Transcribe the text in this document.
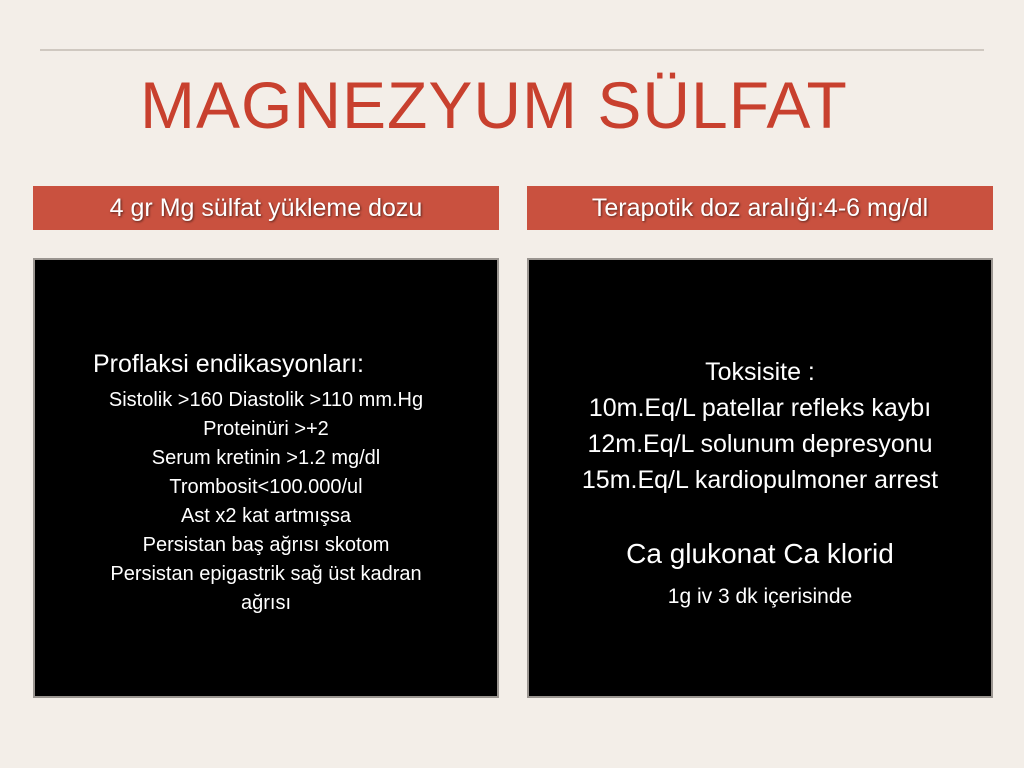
MAGNEZYUM SÜLFAT
4 gr Mg sülfat yükleme dozu	Terapotik doz aralığı:4-6 mg/dl
Proflaksi endikasyonları:
Sistolik >160 Diastolik >110 mm.Hg
Proteinüri >+2
Serum kretinin >1.2 mg/dl
Trombosit<100.000/ul
Ast x2 kat artmışsa
Persistan baş ağrısı skotom
Persistan epigastrik sağ üst kadran
ağrısı
Toksisite :
10m.Eq/L patellar refleks kaybı
12m.Eq/L solunum depresyonu
15m.Eq/L kardiopulmoner arrest
Ca glukonat Ca klorid
1g iv 3 dk içerisinde
